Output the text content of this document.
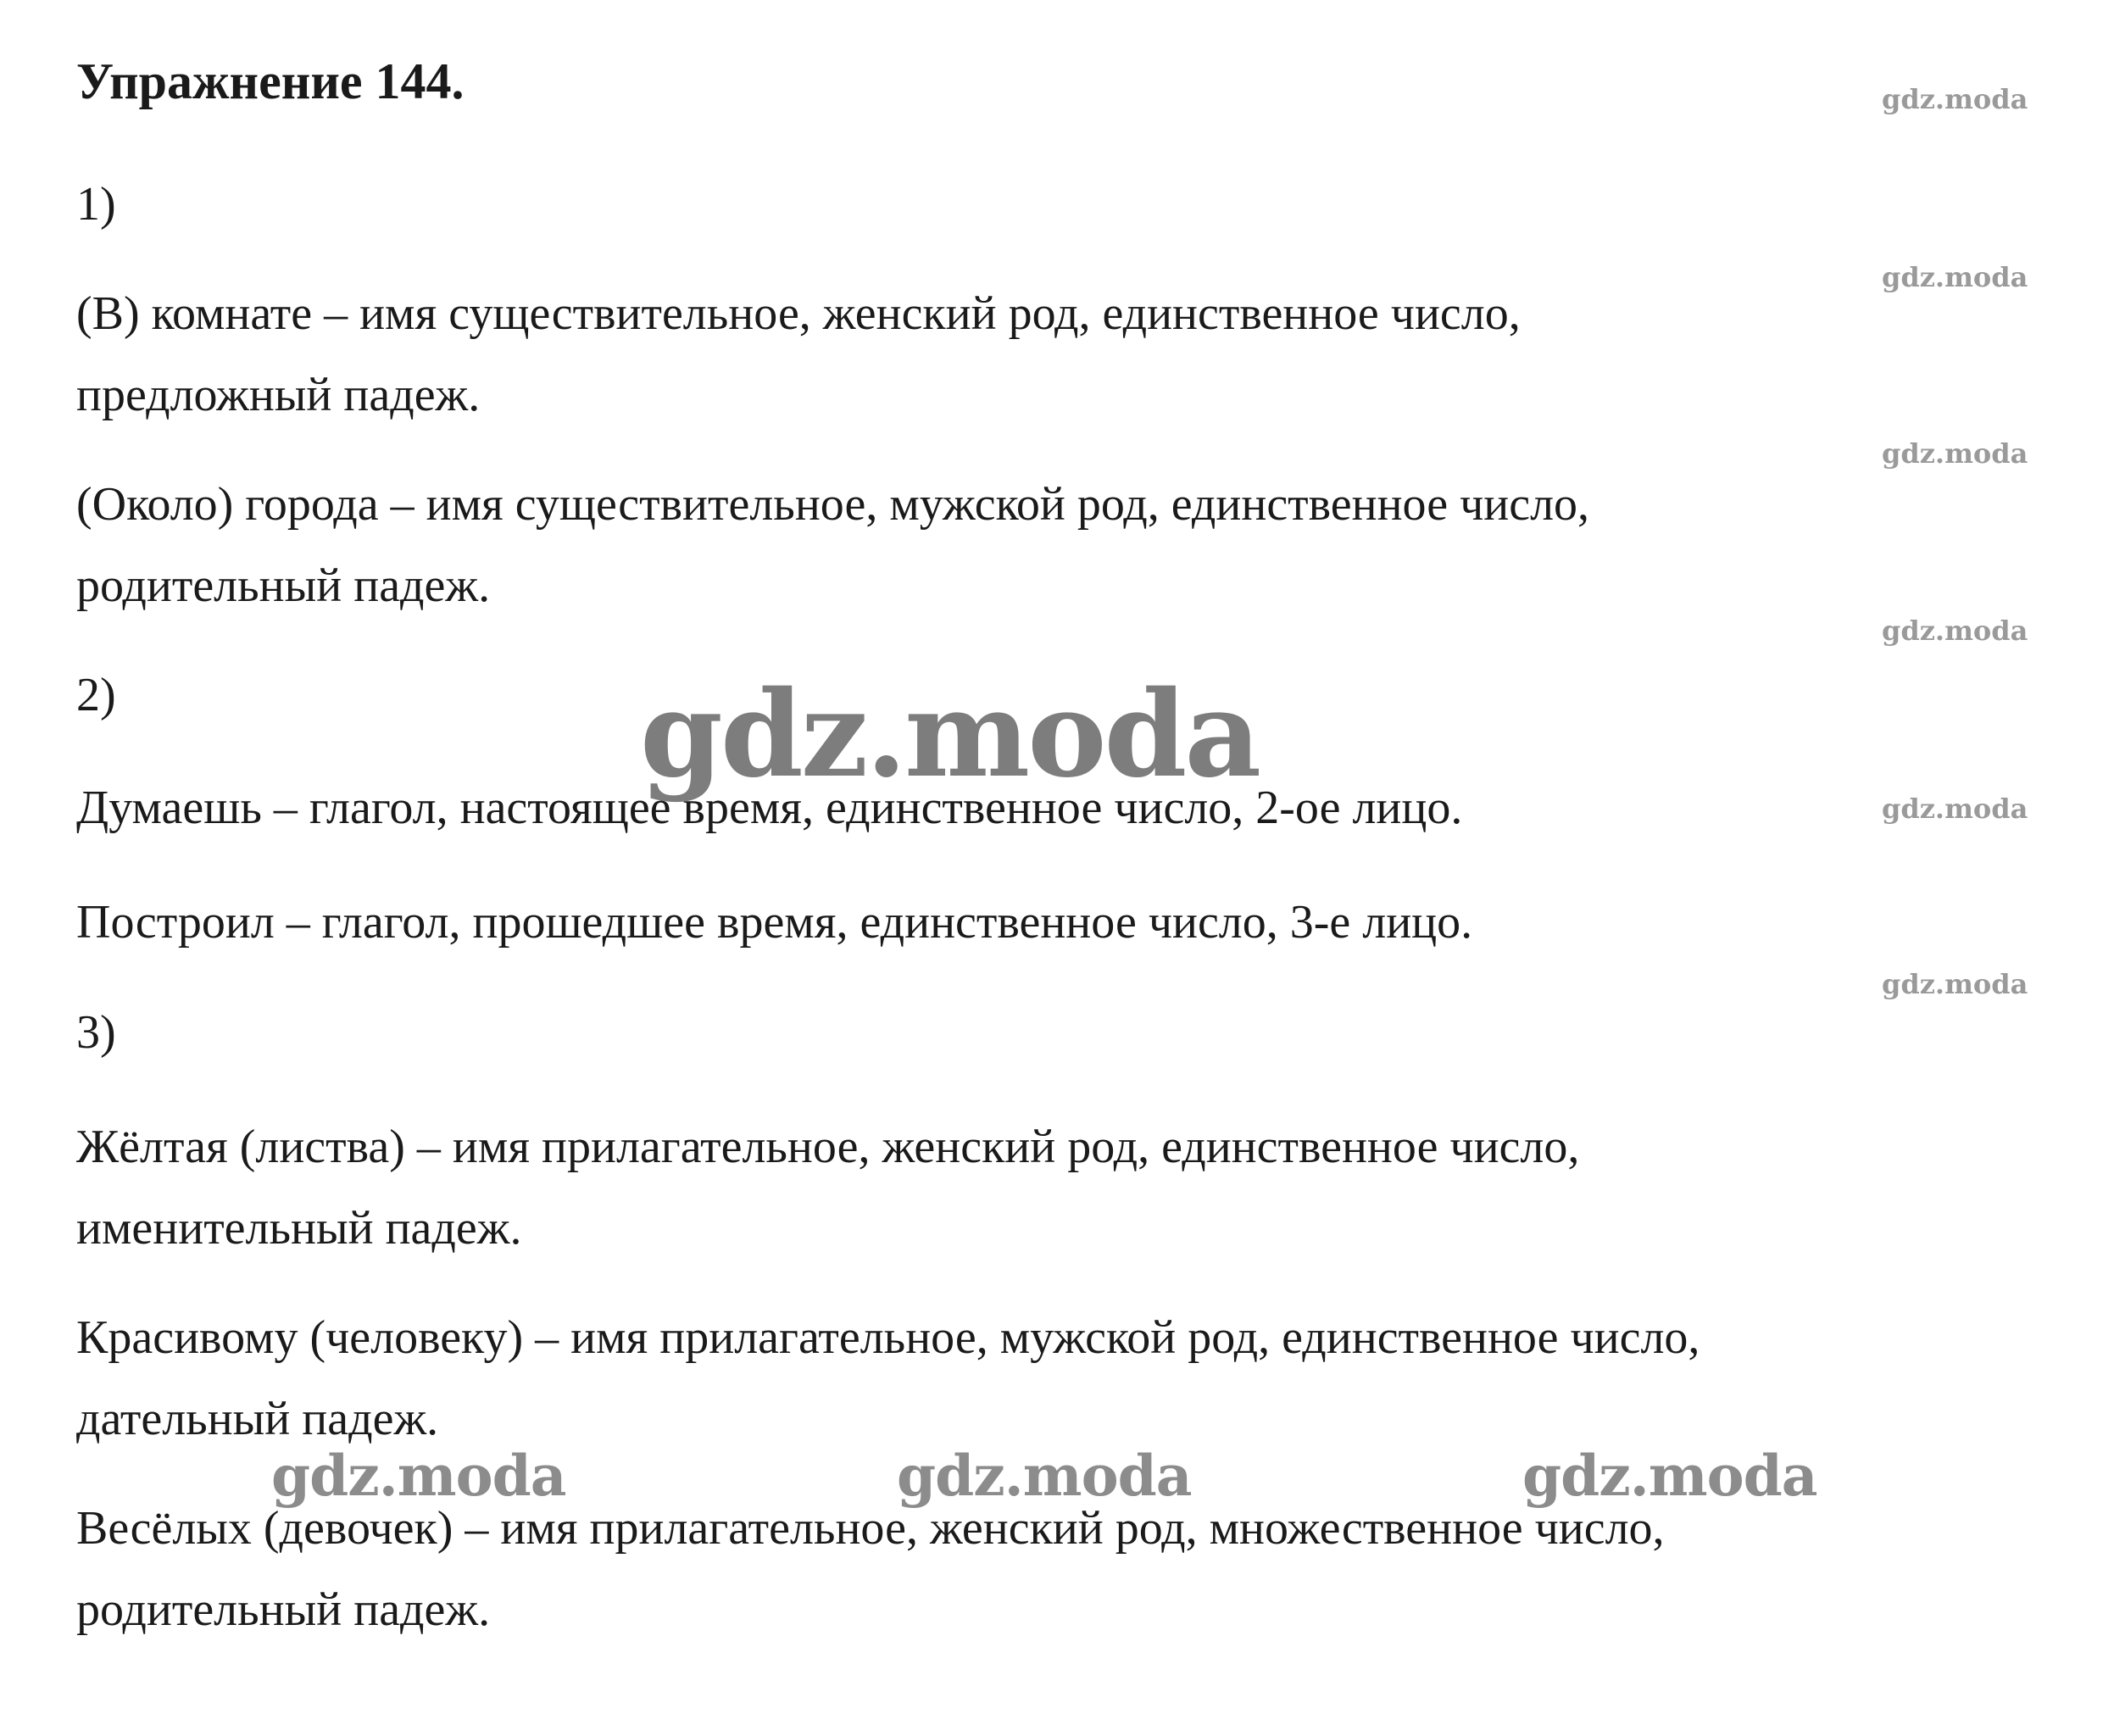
Упражнение 144.

1)

(В) комнате – имя существительное, женский род, единственное число,

предложный падеж.

(Около) города – имя существительное, мужской род, единственное число,

родительный падеж.

2)

Думаешь – глагол, настоящее время, единственное число, 2-ое лицо.

Построил – глагол, прошедшее время, единственное число, 3-е лицо.

3)

Жёлтая (листва) – имя прилагательное, женский род, единственное число,

именительный падеж.

Красивому (человеку) – имя прилагательное, мужской род, единственное число,

дательный падеж.

Весёлых (девочек) – имя прилагательное, женский род, множественное число,

родительный падеж.

gdz.moda
gdz.moda
gdz.moda
gdz.moda
gdz.moda
gdz.moda
gdz.moda
gdz.moda	gdz.moda	gdz.moda
